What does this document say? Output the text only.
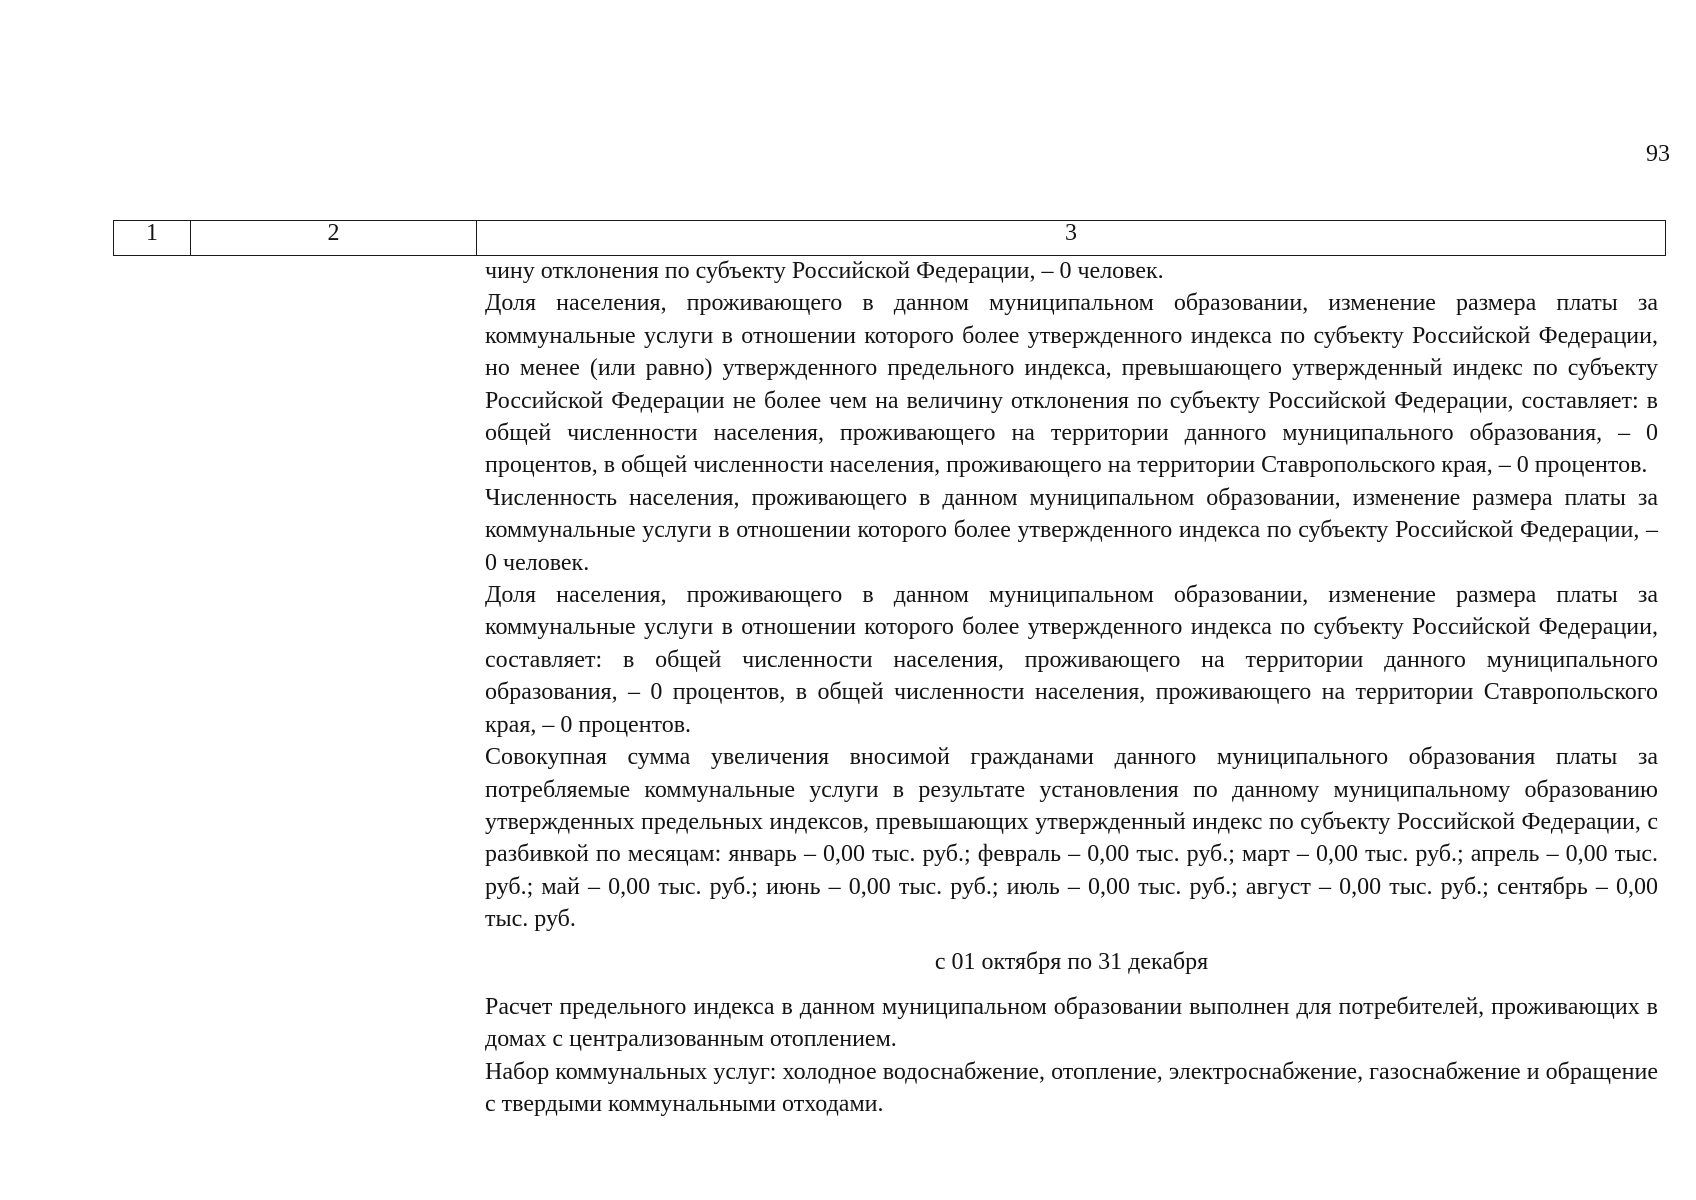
93
1	2	3

чину отклонения по субъекту Российской Федерации, – 0 человек.

Доля населения, проживающего в данном муниципальном образовании, изменение размера платы за коммунальные услуги в отношении которого более утвержденного индекса по субъекту Российской Федерации, но менее (или равно) утвержденного предельного индекса, превышающего утвержденный индекс по субъекту Российской Федерации не более чем на величину отклонения по субъекту Российской Федерации, составляет: в общей численности населения, проживающего на территории данного муниципального образования, – 0 процентов, в общей численности населения, проживающего на территории Ставропольского края, – 0 процентов.

Численность населения, проживающего в данном муниципальном образовании, изменение размера платы за коммунальные услуги в отношении которого более утвержденного индекса по субъекту Российской Федерации, – 0 человек.

Доля населения, проживающего в данном муниципальном образовании, изменение размера платы за коммунальные услуги в отношении которого более утвержденного индекса по субъекту Российской Федерации, составляет: в общей численности населения, проживающего на территории данного муниципального образования, – 0 процентов, в общей численности населения, проживающего на территории Ставропольского края, – 0 процентов.

Совокупная сумма увеличения вносимой гражданами данного муниципального образования платы за потребляемые коммунальные услуги в результате установления по данному муниципальному образованию утвержденных предельных индексов, превышающих утвержденный индекс по субъекту Российской Федерации, с разбивкой по месяцам: январь – 0,00 тыс. руб.; февраль – 0,00 тыс. руб.; март – 0,00 тыс. руб.; апрель – 0,00 тыс. руб.; май – 0,00 тыс. руб.; июнь – 0,00 тыс. руб.; июль – 0,00 тыс. руб.; август – 0,00 тыс. руб.; сентябрь – 0,00 тыс. руб.

с 01 октября по 31 декабря

Расчет предельного индекса в данном муниципальном образовании выполнен для потребителей, проживающих в домах с централизованным отоплением.

Набор коммунальных услуг: холодное водоснабжение, отопление, электроснабжение, газоснабжение и обращение с твердыми коммунальными отходами.
